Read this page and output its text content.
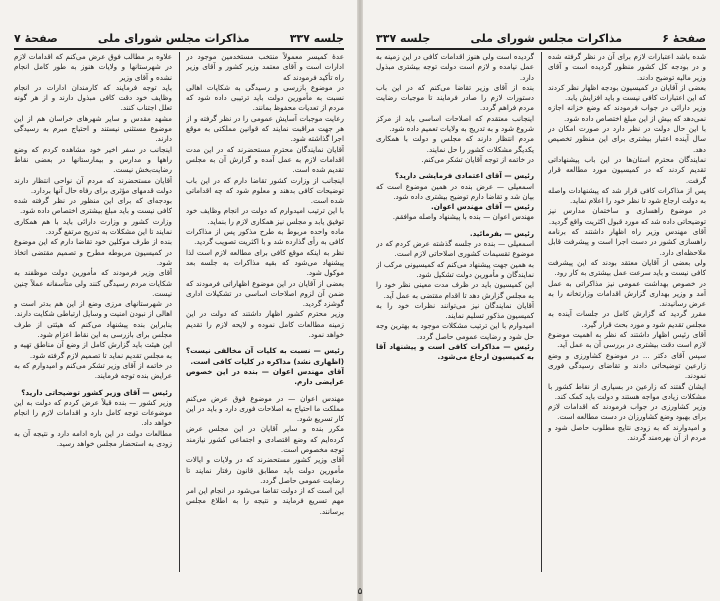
جلسه ۳۳۷
مذاکرات مجلس شورای ملی
صفحهٔ ۷

عدهٔ کمیسر معمولاً منتخب مستخدمین موجود در ادارات است و آقای معتمد وزیر کشور و آقای وزیر راه تأکید فرمودند که

در موضوع بازرسی و رسیدگی به شکایات اهالی نسبت به مأمورین دولت باید ترتیبی داده شود که مردم از تعدیات محفوظ بمانند.

رعایت موجبات آسایش عمومی را در نظر گرفته و از هر جهت مراقبت نمایند که قوانین مملکتی به موقع اجرا گذاشته شود.

آقایان نمایندگان محترم مستحضرند که در این مدت اقدامات لازم به عمل آمده و گزارش آن به مجلس تقدیم شده است.

اینجانب از وزارت کشور تقاضا دارم که در این باب توضیحات کافی بدهند و معلوم شود که چه اقداماتی شده است.

با این ترتیب امیدوارم که دولت در انجام وظایف خود توفیق یابد و مجلس نیز همکاری لازم را بنماید.

ماده واحده مربوط به طرح مذکور پس از مذاکرات کافی به رأی گذارده شد و با اکثریت تصویب گردید.

نظر به اینکه موقع کافی برای مطالعه لازم است لذا پیشنهاد می‌شود که بقیه مذاکرات به جلسه بعد موکول شود.

بعضی از آقایان در این موضوع اظهاراتی فرمودند که ضمن آن لزوم اصلاحات اساسی در تشکیلات اداری گوشزد گردید.

وزیر محترم کشور اظهار داشتند که دولت در این زمینه مطالعات کامل نموده و لایحه لازم را تقدیم خواهد نمود.

رئیس — نسبت به کلیات آن مخالفی نیست؟ (اظهاری نشد) مذاکره در کلیات کافی است.

آقای مهندس اعوان — بنده در این خصوص عرایضی دارم.

مهندس اعوان — در موضوع فوق عرض می‌کنم مملکت ما احتیاج به اصلاحات فوری دارد و باید در این کار تسریع شود.

مکرر بنده و سایر آقایان در این مجلس عرض کرده‌ایم که وضع اقتصادی و اجتماعی کشور نیازمند توجه مخصوص است.

آقای وزیر کشور مستحضرند که در ولایات و ایالات مأمورین دولت باید مطابق قانون رفتار نمایند تا رضایت عمومی حاصل گردد.

این است که از دولت تقاضا می‌شود در انجام این امر مهم تسریع فرمایند و نتیجه را به اطلاع مجلس برسانند.

علاوه بر مطالب فوق عرض می‌کنم که اقدامات لازم در شهرستانها و ولایات هنوز به طور کامل انجام نشده و آقای وزیر

باید توجه فرمایند که کارمندان ادارات در انجام وظایف خود دقت کافی مبذول دارند و از هر گونه تعلل اجتناب کنند.

مشهد مقدس و سایر شهرهای خراسان هم از این موضوع مستثنی نیستند و احتیاج مبرم به رسیدگی دارند.

اینجانب در سفر اخیر خود مشاهده کردم که وضع راهها و مدارس و بیمارستانها در بعضی نقاط رضایت‌بخش نیست.

آقایان مستحضرند که مردم آن نواحی انتظار دارند دولت قدمهای مؤثری برای رفاه حال آنها بردارد.

بودجه‌ای که برای این منظور در نظر گرفته شده کافی نیست و باید مبلغ بیشتری اختصاص داده شود.

وزارت کشور و وزارت دارائی باید با هم همکاری نمایند تا این مشکلات به تدریج مرتفع گردد.

بنده از طرف موکلین خود تقاضا دارم که این موضوع در کمیسیون مربوطه مطرح و تصمیم مقتضی اتخاذ شود.

آقای وزیر فرمودند که مأمورین دولت موظفند به شکایات مردم رسیدگی کنند ولی متأسفانه عملاً چنین نیست.

در شهرستانهای مرزی وضع از این هم بدتر است و اهالی از نبودن امنیت و وسایل ارتباطی شکایت دارند.

بنابراین بنده پیشنهاد می‌کنم که هیئتی از طرف مجلس برای بازرسی به این نقاط اعزام شود.

این هیئت باید گزارش کامل از وضع آن مناطق تهیه و به مجلس تقدیم نماید تا تصمیم لازم گرفته شود.

در خاتمه از آقای وزیر تشکر می‌کنم و امیدوارم که به عرایض بنده توجه فرمایند.

رئیس — آقای وزیر کشور توضیحاتی دارید؟

وزیر کشور — بنده قبلاً عرض کردم که دولت به این موضوعات توجه کامل دارد و اقدامات لازم را انجام خواهد داد.

مطالعات دولت در این باره ادامه دارد و نتیجه آن به زودی به استحضار مجلس خواهد رسید.

صفحهٔ ۶
مذاکرات مجلس شورای ملی
جلسه ۳۳۷

شده باشد اعتبارات لازم برای آن در نظر گرفته شده و در بودجه کل کشور منظور گردیده است و آقای وزیر مالیه توضیح دادند.

بعضی از آقایان در کمیسیون بودجه اظهار نظر کردند که این اعتبارات کافی نیست و باید افزایش یابد.

وزیر دارائی در جواب فرمودند که وضع خزانه اجازه نمی‌دهد که بیش از این مبلغ اختصاص داده شود.

با این حال دولت در نظر دارد در صورت امکان در سال آینده اعتبار بیشتری برای این منظور تخصیص دهد.

نمایندگان محترم استان‌ها در این باب پیشنهاداتی تقدیم کردند که در کمیسیون مورد مطالعه قرار گرفت.

پس از مذاکرات کافی قرار شد که پیشنهادات واصله به دولت ارجاع شود تا نظر خود را اعلام نماید.

در موضوع راهسازی و ساختمان مدارس نیز توضیحاتی داده شد که مورد قبول اکثریت واقع گردید.

آقای مهندس وزیر راه اظهار داشتند که برنامه راهسازی کشور در دست اجرا است و پیشرفت قابل ملاحظه‌ای دارد.

ولی بعضی از آقایان معتقد بودند که این پیشرفت کافی نیست و باید سرعت عمل بیشتری به کار رود.

در خصوص بهداشت عمومی نیز مذاکراتی به عمل آمد و وزیر بهداری گزارش اقدامات وزارتخانه را به عرض رسانیدند.

مقرر گردید که گزارش کامل در جلسات آینده به مجلس تقدیم شود و مورد بحث قرار گیرد.

آقای رئیس اظهار داشتند که نظر به اهمیت موضوع لازم است دقت بیشتری در بررسی آن به عمل آید.

سپس آقای دکتر ... در موضوع کشاورزی و وضع زارعین توضیحاتی دادند و تقاضای رسیدگی فوری نمودند.

ایشان گفتند که زارعین در بسیاری از نقاط کشور با مشکلات زیادی مواجه هستند و دولت باید کمک کند.

وزیر کشاورزی در جواب فرمودند که اقدامات لازم برای بهبود وضع کشاورزان در دست مطالعه است.

و امیدوارند که به زودی نتایج مطلوب حاصل شود و مردم از آن بهره‌مند گردند.

گردیده است ولی هنوز اقدامات کافی در این زمینه به عمل نیامده و لازم است دولت توجه بیشتری مبذول دارد.

بنده از آقای وزیر تقاضا می‌کنم که در این باب دستورات لازم را صادر فرمایند تا موجبات رضایت مردم فراهم گردد.

اینجانب معتقدم که اصلاحات اساسی باید از مرکز شروع شود و به تدریج به ولایات تعمیم داده شود.

مردم انتظار دارند که مجلس و دولت با همکاری یکدیگر مشکلات کشور را حل نمایند.

در خاتمه از توجه آقایان تشکر می‌کنم.

رئیس — آقای اعتمادی فرمایشی دارید؟

اسمعیلی — عرض بنده در همین موضوع است که بیان شد و تقاضا دارم توضیح بیشتری داده شود.

رئیس — آقای مهندس اعوان.

مهندس اعوان — بنده با پیشنهاد واصله موافقم.

رئیس — بفرمائید.

اسمعیلی — بنده در جلسه گذشته عرض کردم که در موضوع تقسیمات کشوری اصلاحاتی لازم است.

به همین جهت پیشنهاد می‌کنم که کمیسیونی مرکب از نمایندگان و مأمورین دولت تشکیل شود.

این کمیسیون باید در ظرف مدت معینی نظر خود را به مجلس گزارش دهد تا اقدام مقتضی به عمل آید.

آقایان نمایندگان نیز می‌توانند نظرات خود را به کمیسیون مذکور تسلیم نمایند.

امیدوارم با این ترتیب مشکلات موجود به بهترین وجه حل شود و رضایت عمومی حاصل گردد.

رئیس — مذاکرات کافی است و پیشنهاد آقا به کمیسیون ارجاع می‌شود.

۵
